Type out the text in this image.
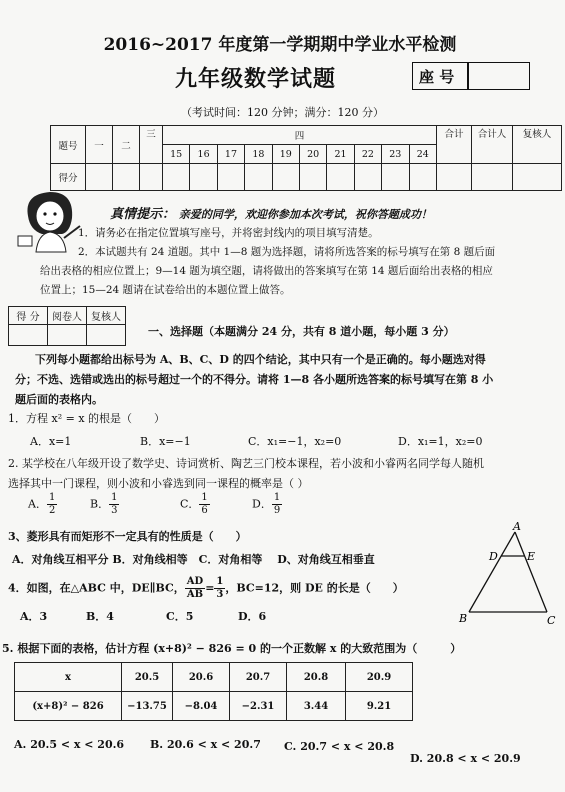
2016~2017 年度第一学期期中学业水平检测
九年级数学试题	座 号
（考试时间：120 分钟；满分：120 分）
题号	一	二	三	四										合计	合计人	复核人
				15	16	17	18	19	20	21	22	23	24			
得分																
真情提示： 亲爱的同学，欢迎你参加本次考试，祝你答题成功！
1．请务必在指定位置填写座号，并将密封线内的项目填写清楚。
2．本试题共有 24 道题。其中 1—8 题为选择题，请将所选答案的标号填写在第 8 题后面
给出表格的相应位置上；9—14 题为填空题，请将做出的答案填写在第 14 题后面给出表格的相应
位置上；15—24 题请在试卷给出的本题位置上做答。
得 分	阅卷人	复核人

一、选择题（本题满分 24 分，共有 8 道小题，每小题 3 分）
下列每小题都给出标号为 A、B、C、D 的四个结论，其中只有一个是正确的。每小题选对得
分；不选、选错或选出的标号超过一个的不得分。请将 1—8 各小题所选答案的标号填写在第 8 小
题后面的表格内。
1．方程 x² = x 的根是（　　）
A．x=1	B．x=−1	C．x₁=−1，x₂=0	D．x₁=1，x₂=0
2. 某学校在八年级开设了数学史、诗词赏析、陶艺三门校本课程，若小波和小睿两名同学每人随机
选择其中一门课程，则小波和小睿选到同一课程的概率是（ ）
A． $\frac{1}{2}$	B． $\frac{1}{3}$	C． $\frac{1}{6}$	D． $\frac{1}{9}$
3、菱形具有而矩形不一定具有的性质是（　　）
A．对角线互相平分 B．对角线相等　C．对角相等　 D、对角线互相垂直
4．如图，在△ABC 中，DE∥BC， $\frac{AD}{AB} = \frac{1}{3}$ ，BC=12，则 DE 的长是（　　）
A．3	B．4	C．5	D．6
A
D	E
B	C
5. 根据下面的表格，估计方程 (x+8)² − 826 = 0 的一个正数解 x 的大致范围为（　　　）
x	20.5	20.6	20.7	20.8	20.9
(x+8)² − 826	−13.75	−8.04	−2.31	3.44	9.21
A. 20.5 < x < 20.6 B. 20.6 < x < 20.7 C. 20.7 < x < 20.8
D. 20.8 < x < 20.9
